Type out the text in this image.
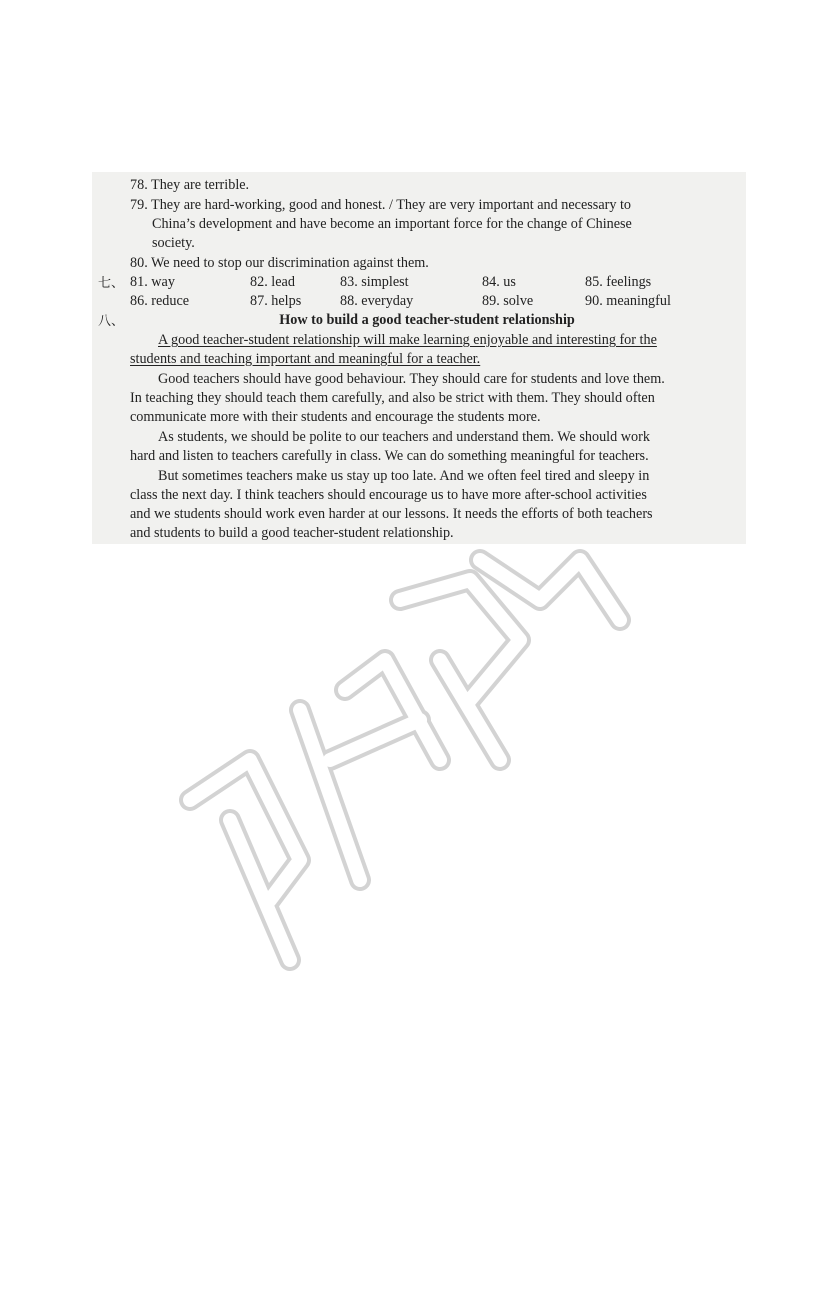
78. They are terrible.
79. They are hard-working, good and honest. / They are very important and necessary to
China’s development and have become an important force for the change of Chinese
society.
80. We need to stop our discrimination against them.
七、 81. way	82. lead	83. simplest	84. us	85. feelings
86. reduce	87. helps	88. everyday	89. solve	90. meaningful
八、	How to build a good teacher-student relationship
A good teacher-student relationship will make learning enjoyable and interesting for the
students and teaching important and meaningful for a teacher.
Good teachers should have good behaviour. They should care for students and love them.
In teaching they should teach them carefully, and also be strict with them. They should often
communicate more with their students and encourage the students more.
As students, we should be polite to our teachers and understand them. We should work
hard and listen to teachers carefully in class. We can do something meaningful for teachers.
But sometimes teachers make us stay up too late. And we often feel tired and sleepy in
class the next day. I think teachers should encourage us to have more after-school activities
and we students should work even harder at our lessons. It needs the efforts of both teachers
and students to build a good teacher-student relationship.
